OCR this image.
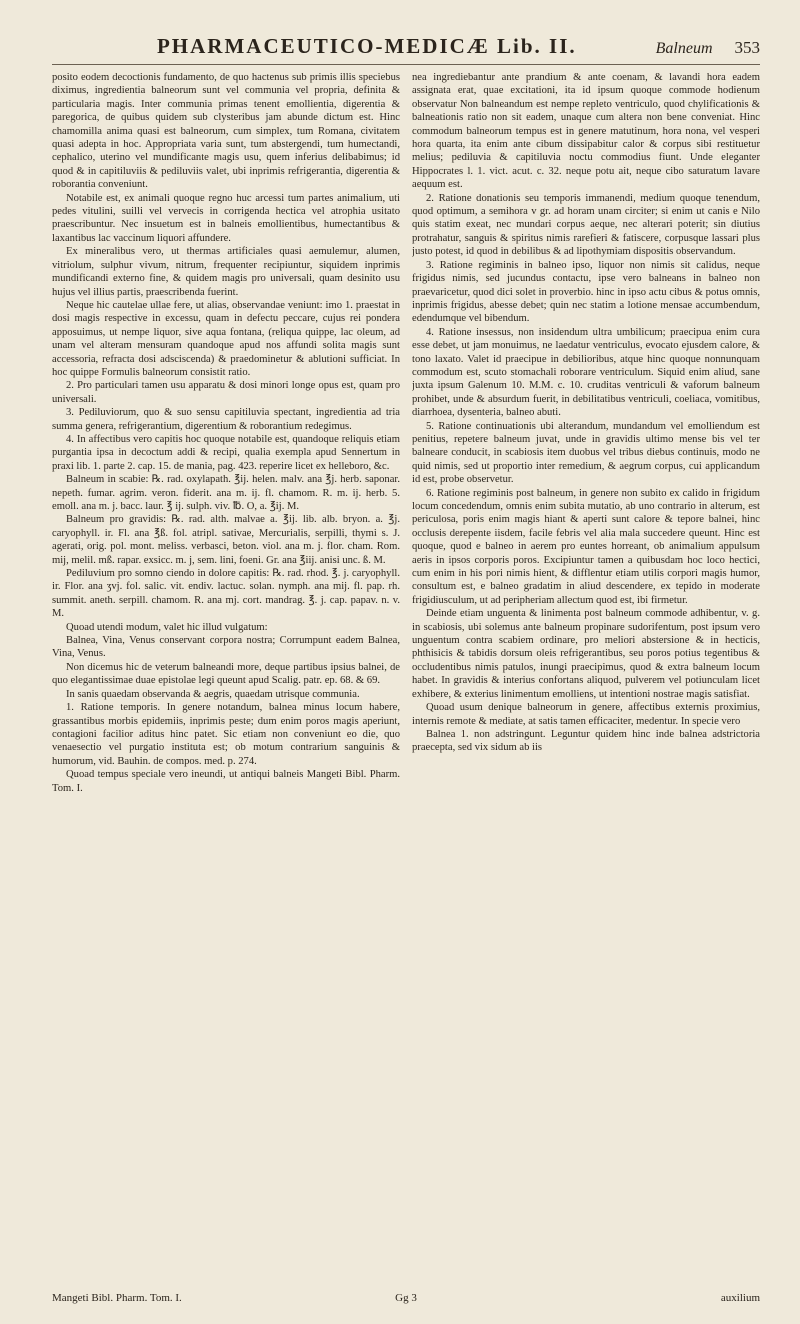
PHARMACEUTICO-MEDICÆ Lib. II.	Balneum 353

posito eodem decoctionis fundamento, de quo hactenus sub primis illis speciebus diximus, ingredientia balneorum sunt vel communia vel propria, definita & particularia magis. Inter communia primas tenent emollientia, digerentia & paregorica, de quibus quidem sub clysteribus jam abunde dictum est. Hinc chamomilla anima quasi est balneorum, cum simplex, tum Romana, civitatem quasi adepta in hoc. Appropriata varia sunt, tum abstergendi, tum humectandi, cephalico, uterino vel mundificante magis usu, quem inferius delibabimus; id quod & in capitiluviis & pediluviis valet, ubi inprimis refrigerantia, digerentia & roborantia conveniunt.

Notabile est, ex animali quoque regno huc arcessi tum partes animalium, uti pedes vitulini, suilli vel vervecis in corrigenda hectica vel atrophia usitato praescribuntur. Nec insuetum est in balneis emollientibus, humectantibus & laxantibus lac vaccinum liquori affundere.

Ex mineralibus vero, ut thermas artificiales quasi aemulemur, alumen, vitriolum, sulphur vivum, nitrum, frequenter recipiuntur, siquidem inprimis mundificandi externo fine, & quidem magis pro universali, quam desinito usu hujus vel illius partis, praescribenda fuerint.

Neque hic cautelae ullae fere, ut alias, observandae veniunt: imo 1. praestat in dosi magis respective in excessu, quam in defectu peccare, cujus rei pondera apposuimus, ut nempe liquor, sive aqua fontana, (reliqua quippe, lac oleum, ad unam vel alteram mensuram quandoque apud nos affundi solita magis sunt accessoria, refracta dosi adsciscenda) & praedominetur & ablutioni sufficiat. In hoc quippe Formulis balneorum consistit ratio.

2. Pro particulari tamen usu apparatu & dosi minori longe opus est, quam pro universali.

3. Pediluviorum, quo & suo sensu capitiluvia spectant, ingredientia ad tria summa genera, refrigerantium, digerentium & roborantium redegimus.

4. In affectibus vero capitis hoc quoque notabile est, quandoque reliquis etiam purgantia ipsa in decoctum addi & recipi, qualia exempla apud Sennertum in praxi lib. 1. parte 2. cap. 15. de mania, pag. 423. reperire licet ex helleboro, &c.

Balneum in scabie: ℞. rad. oxylapath. ℥ij. helen. malv. ana ℥j. herb. saponar. nepeth. fumar. agrim. veron. fiderit. ana m. ij. fl. chamom. R. m. ij. herb. 5. emoll. ana m. j. bacc. laur. ℥ ij. sulph. viv. ℔. O, a. ℥ij. M.

Balneum pro gravidis: ℞. rad. alth. malvae a. ℥ij. lib. alb. bryon. a. ℥j. caryophyll. ir. Fl. ana ℥ß. fol. atripl. sativae, Mercurialis, serpilli, thymi s. J. agerati, orig. pol. mont. meliss. verbasci, beton. viol. ana m. j. flor. cham. Rom. mij, melil. mß. rapar. exsicc. m. j, sem. lini, foeni. Gr. ana ℥iij. anisi unc. ß. M.

Pediluvium pro somno ciendo in dolore capitis: ℞. rad. rhod. ℥. j. caryophyll. ir. Flor. ana ʒvj. fol. salic. vit. endiv. lactuc. solan. nymph. ana mij. fl. pap. rh. summit. aneth. serpill. chamom. R. ana mj. cort. mandrag. ℥. j. cap. papav. n. v. M.

Quoad utendi modum, valet hic illud vulgatum:

Balnea, Vina, Venus conservant corpora nostra; Corrumpunt eadem Balnea, Vina, Venus.

Non dicemus hic de veterum balneandi more, deque partibus ipsius balnei, de quo elegantissimae duae epistolae legi queunt apud Scalig. patr. ep. 68. & 69.

In sanis quaedam observanda & aegris, quaedam utrisque communia.

1. Ratione temporis. In genere notandum, balnea minus locum habere, grassantibus morbis epidemiis, inprimis peste; dum enim poros magis aperiunt, contagioni facilior aditus hinc patet. Sic etiam non conveniunt eo die, quo venaesectio vel purgatio instituta est; ob motum contrarium sanguinis & humorum, vid. Bauhin. de compos. med. p. 274.

Quoad tempus speciale vero ineundi, ut antiqui balneis Mangeti Bibl. Pharm. Tom. I.

nea ingrediebantur ante prandium & ante coenam, & lavandi hora eadem assignata erat, quae excitationi, ita id ipsum quoque commode hodienum observatur Non balneandum est nempe repleto ventriculo, quod chylificationis & balneationis ratio non sit eadem, unaque cum altera non bene conveniat. Hinc commodum balneorum tempus est in genere matutinum, hora nona, vel vesperi hora quarta, ita enim ante cibum dissipabitur calor & corpus sibi restituetur melius; pediluvia & capitiluvia noctu commodius fiunt. Unde eleganter Hippocrates l. 1. vict. acut. c. 32. neque potu ait, neque cibo saturatum lavare aequum est.

2. Ratione donationis seu temporis immanendi, medium quoque tenendum, quod optimum, a semihora v gr. ad horam unam circiter; si enim ut canis e Nilo quis statim exeat, nec mundari corpus aeque, nec alterari poterit; sin diutius protrahatur, sanguis & spiritus nimis rarefieri & fatiscere, corpusque lassari plus justo potest, id quod in debilibus & ad lipothymiam dispositis observandum.

3. Ratione regiminis in balneo ipso, liquor non nimis sit calidus, neque frigidus nimis, sed jucundus contactu, ipse vero balneans in balneo non praevaricetur, quod dici solet in proverbio. hinc in ipso actu cibus & potus omnis, inprimis frigidus, abesse debet; quin nec statim a lotione mensae accumbendum, edendumque vel bibendum.

4. Ratione insessus, non insidendum ultra umbilicum; praecipua enim cura esse debet, ut jam monuimus, ne laedatur ventriculus, evocato ejusdem calore, & tono laxato. Valet id praecipue in debilioribus, atque hinc quoque nonnunquam commodum est, scuto stomachali roborare ventriculum. Siquid enim aliud, sane juxta ipsum Galenum 10. M.M. c. 10. cruditas ventriculi & vaforum balneum prohibet, unde & absurdum fuerit, in debilitatibus ventriculi, coeliaca, vomitibus, diarrhoea, dysenteria, balneo abuti.

5. Ratione continuationis ubi alterandum, mundandum vel emolliendum est penitius, repetere balneum juvat, unde in gravidis ultimo mense bis vel ter balneare conducit, in scabiosis item duobus vel tribus diebus continuis, modo ne quid nimis, sed ut proportio inter remedium, & aegrum corpus, cui applicandum id est, probe observetur.

6. Ratione regiminis post balneum, in genere non subito ex calido in frigidum locum concedendum, omnis enim subita mutatio, ab uno contrario in alterum, est periculosa, poris enim magis hiant & aperti sunt calore & tepore balnei, hinc occlusis derepente iisdem, facile febris vel alia mala succedere queunt. Hinc est quoque, quod e balneo in aerem pro euntes horreant, ob animalium appulsum aeris in ipsos corporis poros. Excipiuntur tamen a quibusdam hoc loco hectici, cum enim in his pori nimis hient, & difflentur etiam utilis corpori magis humor, consultum est, e balneo gradatim in aliud descendere, ex tepido in moderate frigidiusculum, ut ad peripheriam allectum quod est, ibi firmetur.

Deinde etiam unguenta & linimenta post balneum commode adhibentur, v. g. in scabiosis, ubi solemus ante balneum propinare sudorifentum, post ipsum vero unguentum contra scabiem ordinare, pro meliori abstersione & in hecticis, phthisicis & tabidis dorsum oleis refrigerantibus, seu poros potius tegentibus & occludentibus nimis patulos, inungi praecipimus, quod & extra balneum locum habet. In gravidis & interius confortans aliquod, pulverem vel potiunculam licet exhibere, & exterius linimentum emolliens, ut intentioni nostrae magis satisfiat.

Quoad usum denique balneorum in genere, affectibus externis proximius, internis remote & mediate, at satis tamen efficaciter, medentur. In specie vero

Balnea 1. non adstringunt. Leguntur quidem hinc inde balnea adstrictoria praecepta, sed vix sidum ab iis

Mangeti Bibl. Pharm. Tom. I.	Gg 3	auxilium
